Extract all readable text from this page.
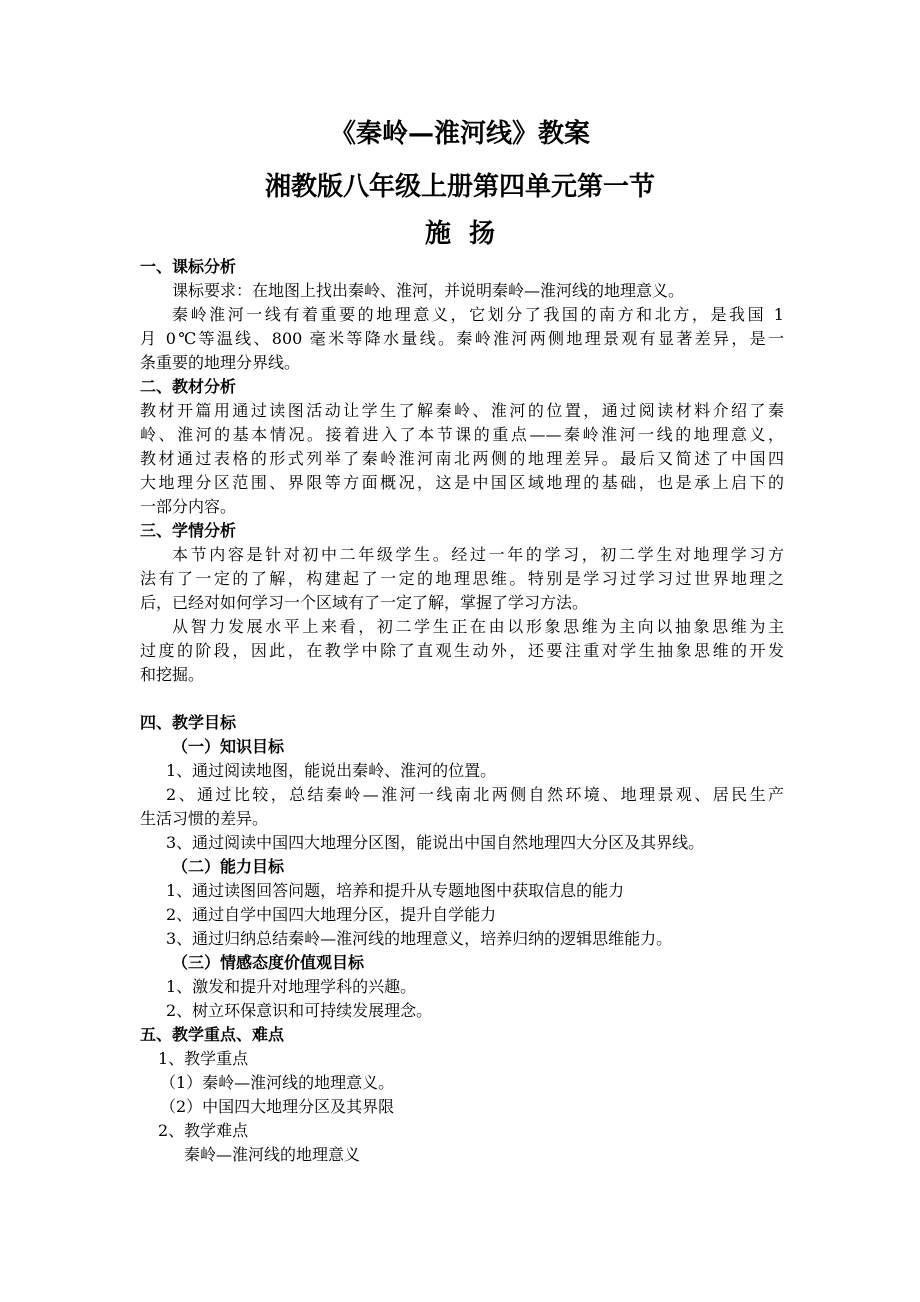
《秦岭—淮河线》教案
湘教版八年级上册第四单元第一节
施扬
一、课标分析
课标要求：在地图上找出秦岭、淮河，并说明秦岭—淮河线的地理意义。
秦岭淮河一线有着重要的地理意义，它划分了我国的南方和北方，是我国 1
月 0℃等温线、800 毫米等降水量线。秦岭淮河两侧地理景观有显著差异，是一
条重要的地理分界线。
二、教材分析
教材开篇用通过读图活动让学生了解秦岭、淮河的位置，通过阅读材料介绍了秦
岭、淮河的基本情况。接着进入了本节课的重点——秦岭淮河一线的地理意义，
教材通过表格的形式列举了秦岭淮河南北两侧的地理差异。最后又简述了中国四
大地理分区范围、界限等方面概况，这是中国区域地理的基础，也是承上启下的
一部分内容。
三、学情分析
本节内容是针对初中二年级学生。经过一年的学习，初二学生对地理学习方
法有了一定的了解，构建起了一定的地理思维。特别是学习过学习过世界地理之
后，已经对如何学习一个区域有了一定了解，掌握了学习方法。
从智力发展水平上来看，初二学生正在由以形象思维为主向以抽象思维为主
过度的阶段，因此，在教学中除了直观生动外，还要注重对学生抽象思维的开发
和挖掘。
四、教学目标
（一）知识目标
1、通过阅读地图，能说出秦岭、淮河的位置。
2、通过比较，总结秦岭—淮河一线南北两侧自然环境、地理景观、居民生产
生活习惯的差异。
3、通过阅读中国四大地理分区图，能说出中国自然地理四大分区及其界线。
（二）能力目标
1、通过读图回答问题，培养和提升从专题地图中获取信息的能力
2、通过自学中国四大地理分区，提升自学能力
3、通过归纳总结秦岭—淮河线的地理意义，培养归纳的逻辑思维能力。
（三）情感态度价值观目标
1、激发和提升对地理学科的兴趣。
2、树立环保意识和可持续发展理念。
五、教学重点、难点
1、教学重点
（1）秦岭—淮河线的地理意义。
（2）中国四大地理分区及其界限
2、教学难点
秦岭—淮河线的地理意义
